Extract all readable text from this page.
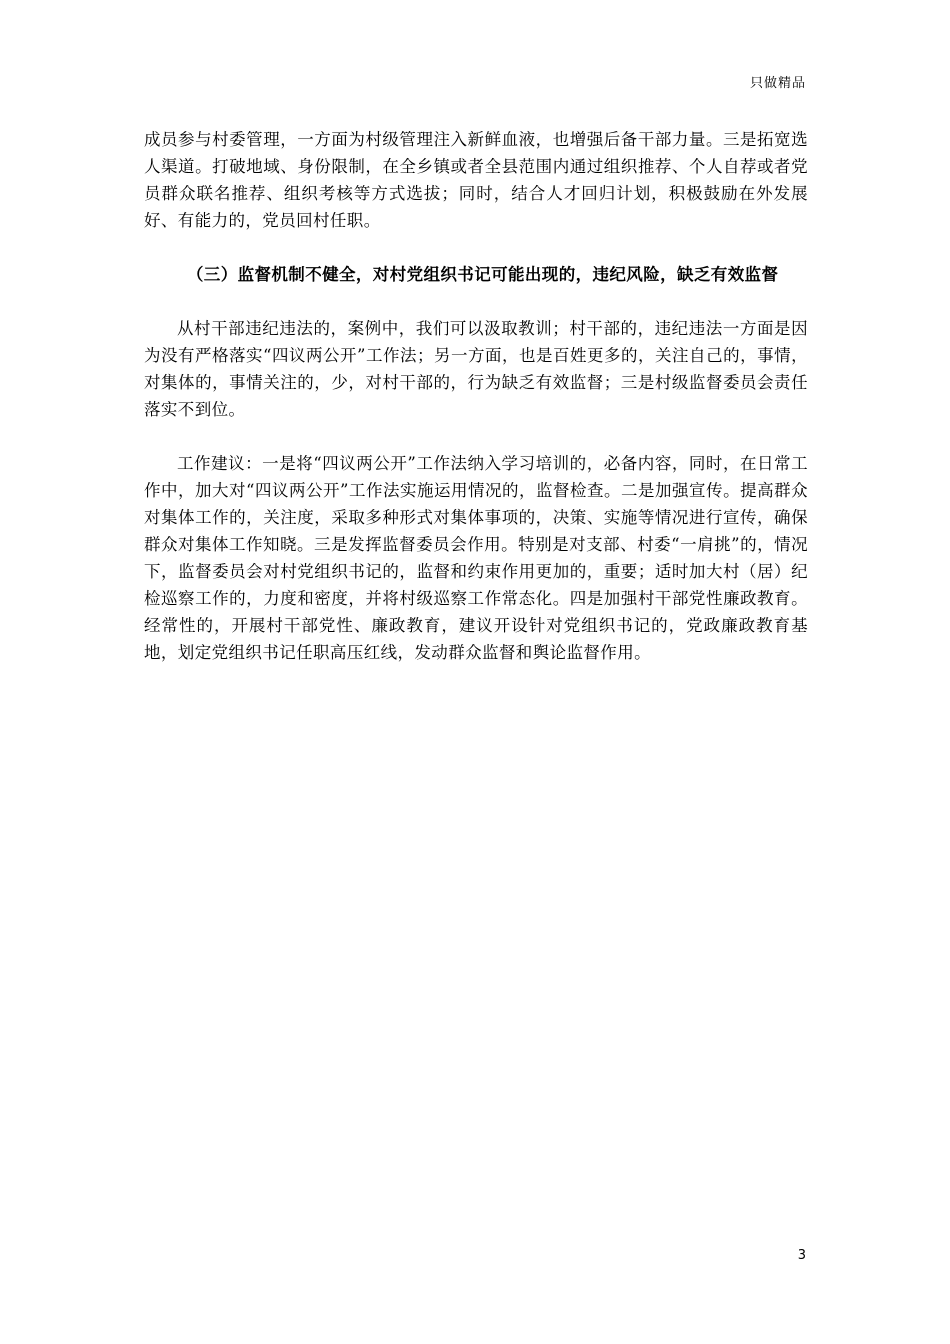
只做精品

成员参与村委管理，一方面为村级管理注入新鲜血液，也增强后备干部力量。三是拓宽选人渠道。打破地域、身份限制，在全乡镇或者全县范围内通过组织推荐、个人自荐或者党员群众联名推荐、组织考核等方式选拔；同时，结合人才回归计划，积极鼓励在外发展好、有能力的，党员回村任职。

（三）监督机制不健全，对村党组织书记可能出现的，违纪风险，缺乏有效监督

从村干部违纪违法的，案例中，我们可以汲取教训；村干部的，违纪违法一方面是因为没有严格落实“四议两公开”工作法；另一方面，也是百姓更多的，关注自己的，事情，对集体的，事情关注的，少，对村干部的，行为缺乏有效监督；三是村级监督委员会责任落实不到位。

工作建议：一是将“四议两公开”工作法纳入学习培训的，必备内容，同时，在日常工作中，加大对“四议两公开”工作法实施运用情况的，监督检查。二是加强宣传。提高群众对集体工作的，关注度，采取多种形式对集体事项的，决策、实施等情况进行宣传，确保群众对集体工作知晓。三是发挥监督委员会作用。特别是对支部、村委“一肩挑”的，情况下，监督委员会对村党组织书记的，监督和约束作用更加的，重要；适时加大村（居）纪检巡察工作的，力度和密度，并将村级巡察工作常态化。四是加强村干部党性廉政教育。经常性的，开展村干部党性、廉政教育，建议开设针对党组织书记的，党政廉政教育基地，划定党组织书记任职高压红线，发动群众监督和舆论监督作用。

3
